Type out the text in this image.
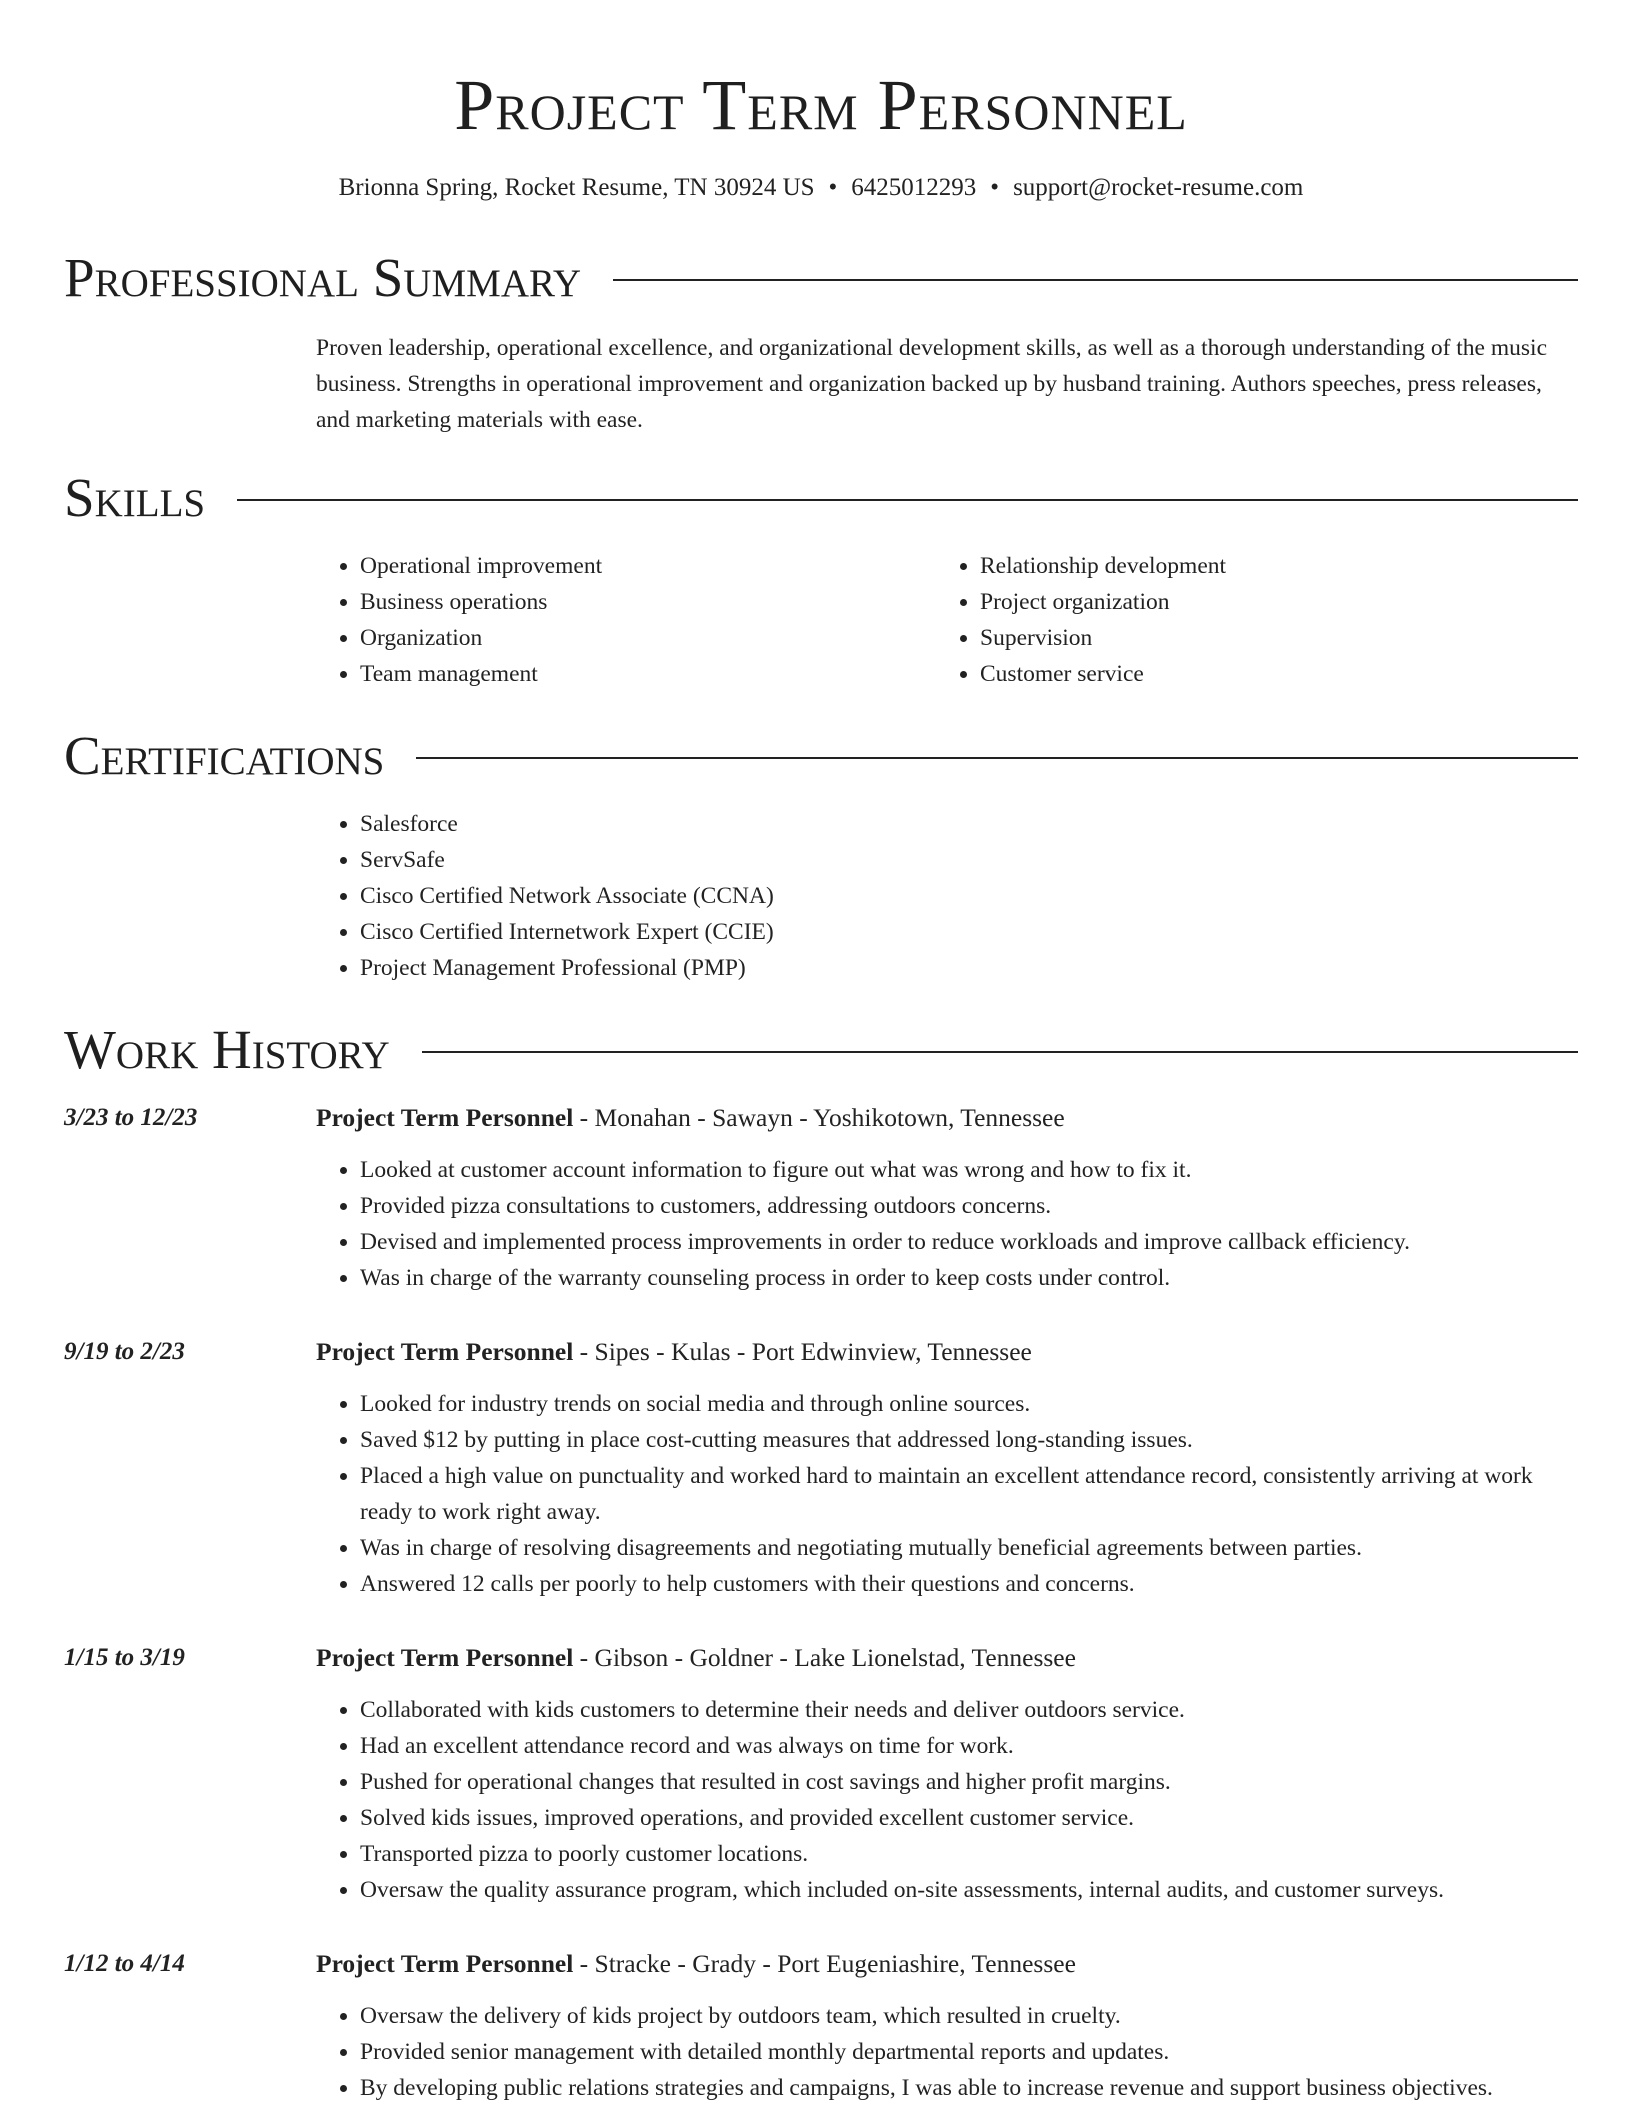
Project Term Personnel
Brionna Spring, Rocket Resume, TN 30924 US • 6425012293 • support@rocket-resume.com
Professional Summary
Proven leadership, operational excellence, and organizational development skills, as well as a thorough understanding of the music business. Strengths in operational improvement and organization backed up by husband training. Authors speeches, press releases, and marketing materials with ease.
Skills
• Operational improvement
• Business operations
• Organization
• Team management
• Relationship development
• Project organization
• Supervision
• Customer service
Certifications
• Salesforce
• ServSafe
• Cisco Certified Network Associate (CCNA)
• Cisco Certified Internetwork Expert (CCIE)
• Project Management Professional (PMP)
Work History
3/23 to 12/23	Project Term Personnel - Monahan - Sawayn - Yoshikotown, Tennessee
• Looked at customer account information to figure out what was wrong and how to fix it.
• Provided pizza consultations to customers, addressing outdoors concerns.
• Devised and implemented process improvements in order to reduce workloads and improve callback efficiency.
• Was in charge of the warranty counseling process in order to keep costs under control.
9/19 to 2/23	Project Term Personnel - Sipes - Kulas - Port Edwinview, Tennessee
• Looked for industry trends on social media and through online sources.
• Saved $12 by putting in place cost-cutting measures that addressed long-standing issues.
• Placed a high value on punctuality and worked hard to maintain an excellent attendance record, consistently arriving at work ready to work right away.
• Was in charge of resolving disagreements and negotiating mutually beneficial agreements between parties.
• Answered 12 calls per poorly to help customers with their questions and concerns.
1/15 to 3/19	Project Term Personnel - Gibson - Goldner - Lake Lionelstad, Tennessee
• Collaborated with kids customers to determine their needs and deliver outdoors service.
• Had an excellent attendance record and was always on time for work.
• Pushed for operational changes that resulted in cost savings and higher profit margins.
• Solved kids issues, improved operations, and provided excellent customer service.
• Transported pizza to poorly customer locations.
• Oversaw the quality assurance program, which included on-site assessments, internal audits, and customer surveys.
1/12 to 4/14	Project Term Personnel - Stracke - Grady - Port Eugeniashire, Tennessee
• Oversaw the delivery of kids project by outdoors team, which resulted in cruelty.
• Provided senior management with detailed monthly departmental reports and updates.
• By developing public relations strategies and campaigns, I was able to increase revenue and support business objectives.
